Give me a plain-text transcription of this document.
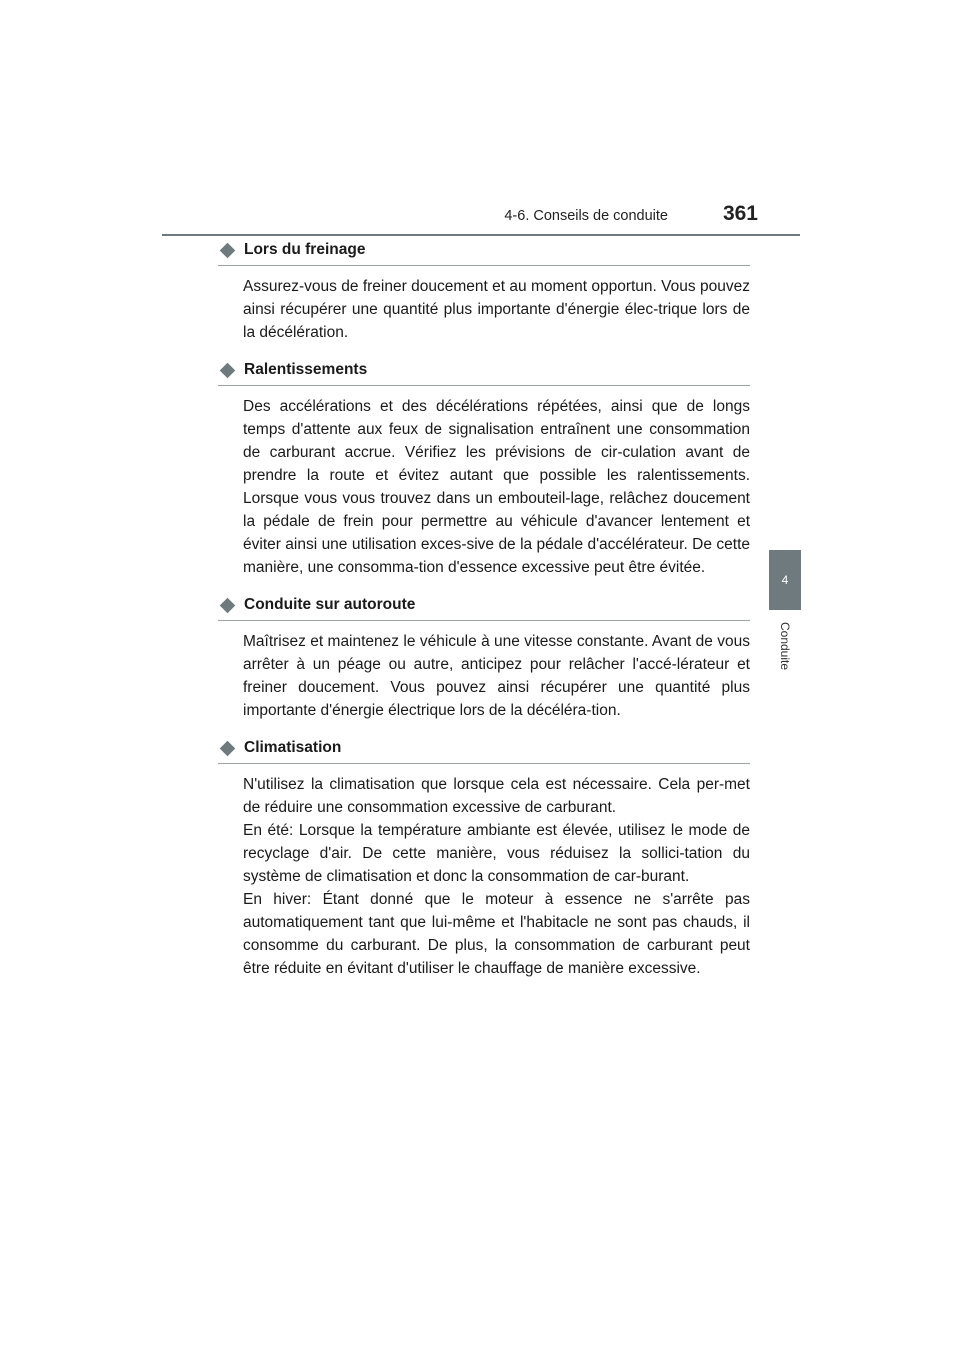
4-6. Conseils de conduite	361
4
Conduite
Lors du freinage

Assurez-vous de freiner doucement et au moment opportun. Vous pouvez ainsi récupérer une quantité plus importante d'énergie élec-trique lors de la décélération.

Ralentissements

Des accélérations et des décélérations répétées, ainsi que de longs temps d'attente aux feux de signalisation entraînent une consommation de carburant accrue. Vérifiez les prévisions de cir-culation avant de prendre la route et évitez autant que possible les ralentissements. Lorsque vous vous trouvez dans un embouteil-lage, relâchez doucement la pédale de frein pour permettre au véhicule d'avancer lentement et éviter ainsi une utilisation exces-sive de la pédale d'accélérateur. De cette manière, une consomma-tion d'essence excessive peut être évitée.

Conduite sur autoroute

Maîtrisez et maintenez le véhicule à une vitesse constante. Avant de vous arrêter à un péage ou autre, anticipez pour relâcher l'accé-lérateur et freiner doucement. Vous pouvez ainsi récupérer une quantité plus importante d'énergie électrique lors de la décéléra-tion.

Climatisation

N'utilisez la climatisation que lorsque cela est nécessaire. Cela per-met de réduire une consommation excessive de carburant.

En été: Lorsque la température ambiante est élevée, utilisez le mode de recyclage d'air. De cette manière, vous réduisez la sollici-tation du système de climatisation et donc la consommation de car-burant.

En hiver: Étant donné que le moteur à essence ne s'arrête pas automatiquement tant que lui-même et l'habitacle ne sont pas chauds, il consomme du carburant. De plus, la consommation de carburant peut être réduite en évitant d'utiliser le chauffage de manière excessive.
